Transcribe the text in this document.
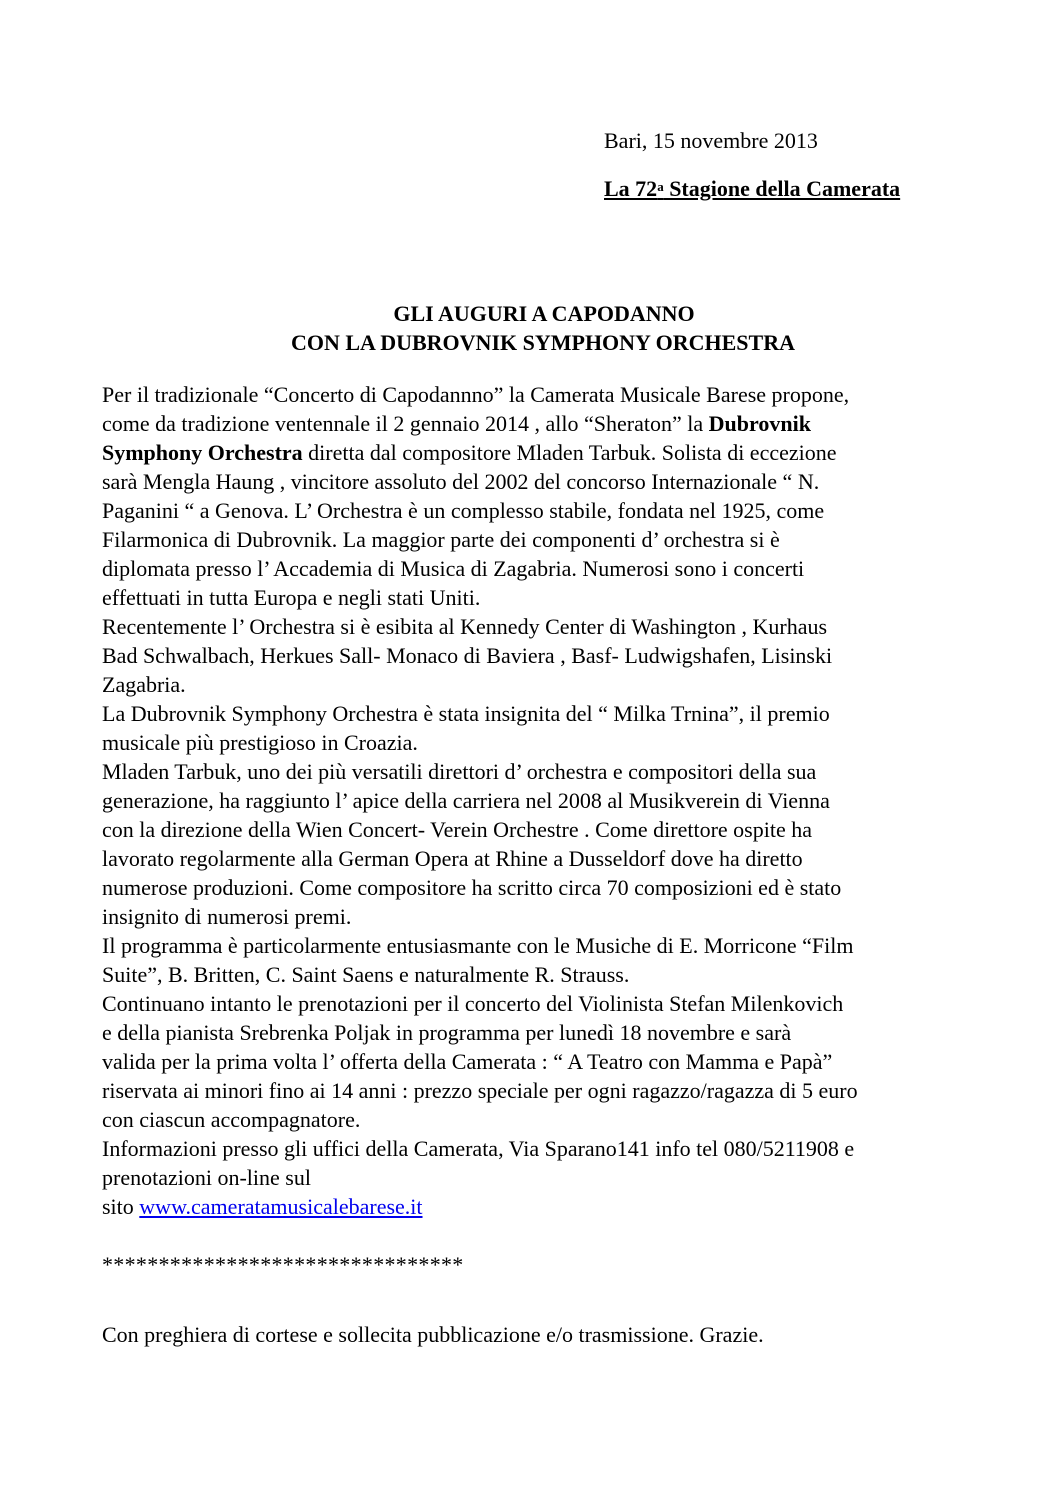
Bari, 15 novembre 2013

La 72$^a$ Stagione della Camerata

GLI AUGURI A CAPODANNO
CON LA DUBROVNIK SYMPHONY ORCHESTRA

Per il tradizionale “Concerto di Capodannno” la Camerata Musicale Barese propone,

come da tradizione ventennale il 2 gennaio 2014 , allo “Sheraton” la Dubrovnik

Symphony Orchestra diretta dal compositore Mladen Tarbuk. Solista di eccezione

sarà Mengla Haung , vincitore assoluto del 2002 del concorso Internazionale “ N.

Paganini “ a Genova. L’ Orchestra è un complesso stabile, fondata nel 1925, come

Filarmonica di Dubrovnik. La maggior parte dei componenti d’ orchestra si è

diplomata presso l’ Accademia di Musica di Zagabria. Numerosi sono i concerti

effettuati in tutta Europa e negli stati Uniti.

Recentemente l’ Orchestra si è esibita al Kennedy Center di Washington , Kurhaus

Bad Schwalbach, Herkues Sall- Monaco di Baviera , Basf- Ludwigshafen, Lisinski

Zagabria.

La Dubrovnik Symphony Orchestra è stata insignita del “ Milka Trnina”, il premio

musicale più prestigioso in Croazia.

Mladen Tarbuk, uno dei più versatili direttori d’ orchestra e compositori della sua

generazione, ha raggiunto l’ apice della carriera nel 2008 al Musikverein di Vienna

con la direzione della Wien Concert- Verein Orchestre . Come direttore ospite ha

lavorato regolarmente alla German Opera at Rhine a Dusseldorf dove ha diretto

numerose produzioni. Come compositore ha scritto circa 70 composizioni ed è stato

insignito di numerosi premi.

Il programma è particolarmente entusiasmante con le Musiche di E. Morricone “Film

Suite”, B. Britten, C. Saint Saens e naturalmente R. Strauss.

Continuano intanto le prenotazioni per il concerto del Violinista Stefan Milenkovich

e della pianista Srebrenka Poljak in programma per lunedì 18 novembre e sarà

valida per la prima volta l’ offerta della Camerata : “ A Teatro con Mamma e Papà”

riservata ai minori fino ai 14 anni : prezzo speciale per ogni ragazzo/ragazza di 5 euro

con ciascun accompagnatore.

Informazioni presso gli uffici della Camerata, Via Sparano141 info tel 080/5211908 e

prenotazioni on-line sul

sito www.cameratamusicalebarese.it

********************************

Con preghiera di cortese e sollecita pubblicazione e/o trasmissione. Grazie.
